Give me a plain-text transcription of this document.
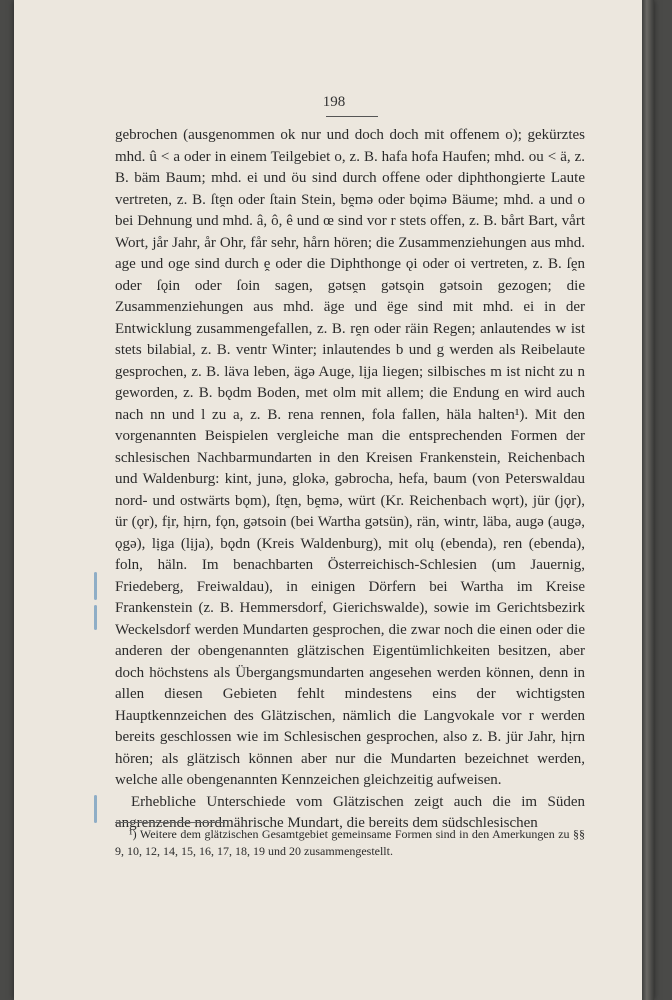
198

gebrochen (ausgenommen ok nur und doch doch mit offenem o); gekürztes mhd. û < a oder in einem Teilgebiet o, z. B. hafa hofa Haufen; mhd. ou < ä, z. B. bäm Baum; mhd. ei und öu sind durch offene oder diphthongierte Laute vertreten, z. B. ſtḙn oder ſtain Stein, bḙmə oder bǫimə Bäume; mhd. a und o bei Dehnung und mhd. â, ô, ê und œ sind vor r stets offen, z. B. bårt Bart, vårt Wort, jår Jahr, år Ohr, får sehr, hårn hören; die Zusammenziehungen aus mhd. age und oge sind durch ḙ oder die Diphthonge ǫi oder oi vertreten, z. B. ſḙn oder ſǫin oder ſoin sagen, gətsḙn gətsǫin gətsoin gezogen; die Zusammenziehungen aus mhd. äge und ëge sind mit mhd. ei in der Entwicklung zusammengefallen, z. B. rḙn oder räin Regen; anlautendes w ist stets bilabial, z. B. ventr Winter; inlautendes b und g werden als Reibelaute gesprochen, z. B. läva leben, ägə Auge, lịja liegen; silbisches m ist nicht zu n geworden, z. B. bǫdm Boden, met olm mit allem; die Endung en wird auch nach nn und l zu a, z. B. rena rennen, fola fallen, häla halten¹). Mit den vorgenannten Beispielen vergleiche man die entsprechenden Formen der schlesischen Nachbarmundarten in den Kreisen Frankenstein, Reichenbach und Waldenburg: kint, junə, glokə, gəbrocha, hefa, baum (von Peterswaldau nord- und ostwärts bǫm), ſtḙn, bḙmə, würt (Kr. Reichenbach wǫrt), jür (jǫr), ür (ǫr), fịr, hịrn, fǫn, gətsoin (bei Wartha gətsün), rän, wintr, läba, augə (augə, ǫgə), lịga (lịja), bǫdn (Kreis Waldenburg), mit olų (ebenda), ren (ebenda), foln, häln. Im benachbarten Österreichisch-Schlesien (um Jauernig, Friedeberg, Freiwaldau), in einigen Dörfern bei Wartha im Kreise Frankenstein (z. B. Hemmersdorf, Gierichswalde), sowie im Gerichtsbezirk Weckelsdorf werden Mundarten gesprochen, die zwar noch die einen oder die anderen der obengenannten glätzischen Eigentümlichkeiten besitzen, aber doch höchstens als Übergangsmundarten angesehen werden können, denn in allen diesen Gebieten fehlt mindestens eins der wichtigsten Hauptkennzeichen des Glätzischen, nämlich die Langvokale vor r werden bereits geschlossen wie im Schlesischen gesprochen, also z. B. jür Jahr, hịrn hören; als glätzisch können aber nur die Mundarten bezeichnet werden, welche alle obengenannten Kennzeichen gleichzeitig aufweisen.

Erhebliche Unterschiede vom Glätzischen zeigt auch die im Süden angrenzende nordmährische Mundart, die bereits dem südschlesischen

¹) Weitere dem glätzischen Gesamtgebiet gemeinsame Formen sind in den Amerkungen zu §§ 9, 10, 12, 14, 15, 16, 17, 18, 19 und 20 zusammengestellt.
